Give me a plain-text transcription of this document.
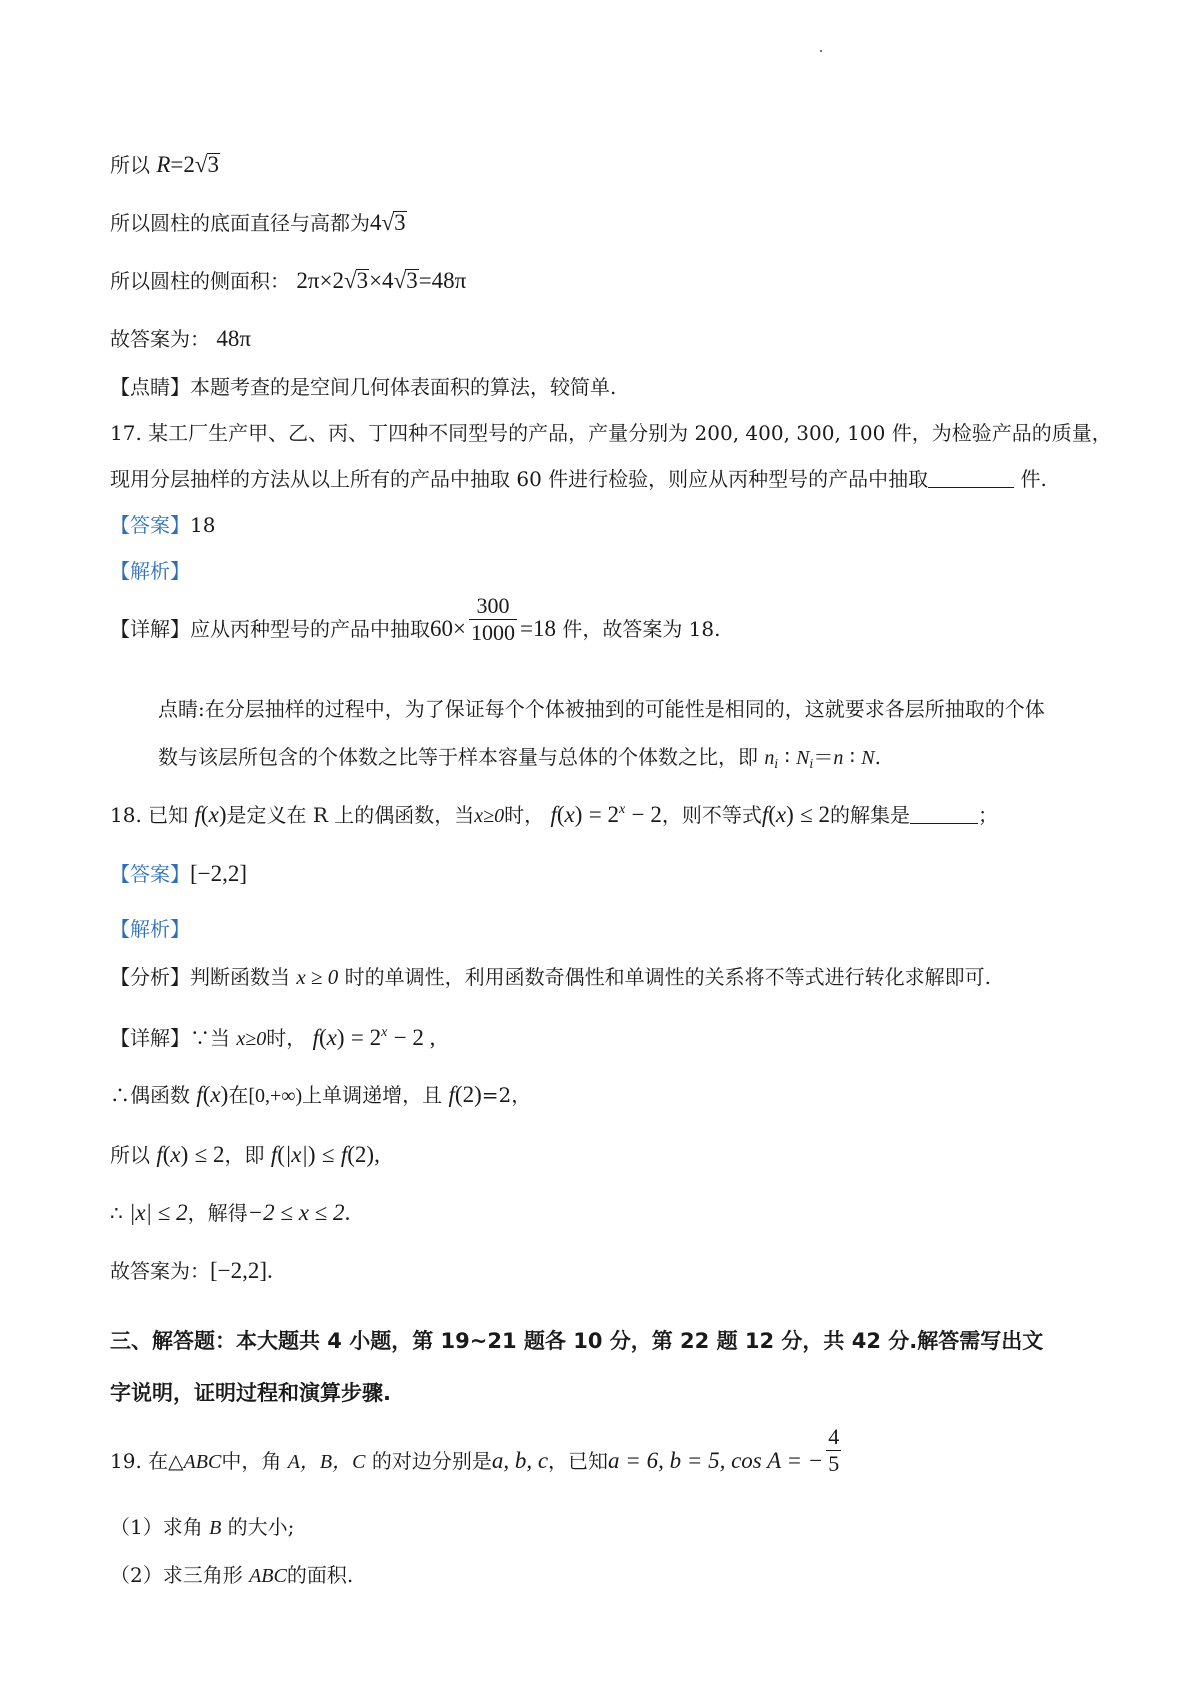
所以 R=2√3
所以圆柱的底面直径与高都为4√3
所以圆柱的侧面积： 2π×2√3×4√3=48π
故答案为： 48π
【点睛】本题考查的是空间几何体表面积的算法，较简单.
17. 某工厂生产甲、乙、丙、丁四种不同型号的产品，产量分别为 200, 400, 300, 100 件，为检验产品的质量，
现用分层抽样的方法从以上所有的产品中抽取 60 件进行检验，则应从丙种型号的产品中抽取	件.
【答案】18
【解析】
【详解】应从丙种型号的产品中抽取$60\times \frac{300}{1000} =18$ 件，故答案为 18.
点睛:在分层抽样的过程中，为了保证每个个体被抽到的可能性是相同的，这就要求各层所抽取的个体
数与该层所包含的个体数之比等于样本容量与总体的个体数之比，即 $n_i$ ∶ $N_i=n$ ∶ N.
18. 已知 f(x)是定义在 R 上的偶函数，当x≥0时， $f(x) = 2^x - 2$，则不等式f(x) ≤ 2的解集是	；
【答案】[−2,2]
【解析】
【分析】判断函数当 x ≥ 0 时的单调性，利用函数奇偶性和单调性的关系将不等式进行转化求解即可.
【详解】∵当 x≥0时， $f(x) = 2^x - 2$ ,
∴偶函数 f(x)在[0,+∞)上单调递增，且 f(2)=2，
所以 f(x) ≤ 2，即 f(|x|) ≤ f(2),
∴ |x| ≤ 2，解得−2 ≤ x ≤ 2.
故答案为：[−2,2].
三、解答题：本大题共 4 小题，第 19~21 题各 10 分，第 22 题 12 分，共 42 分.解答需写出文
字说明，证明过程和演算步骤.
19. 在△ABC中，角 A，B，C 的对边分别是a, b, c，已知a = 6, b = 5, cos A = − $\frac{4}{5}$
（1）求角 B 的大小;
（2）求三角形 ABC的面积.
